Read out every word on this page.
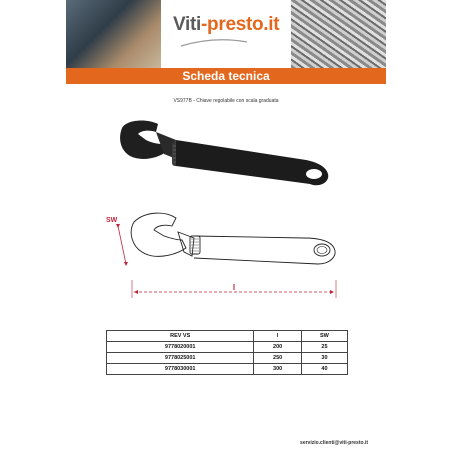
Viti-presto.it
Scheda tecnica
VS977B - Chiave regolabile con scala graduata
SW
l
REV VS	l	SW
9778020001	200	25
9778025001	250	30
9778030001	300	40
servizio.clienti@viti-presto.it
